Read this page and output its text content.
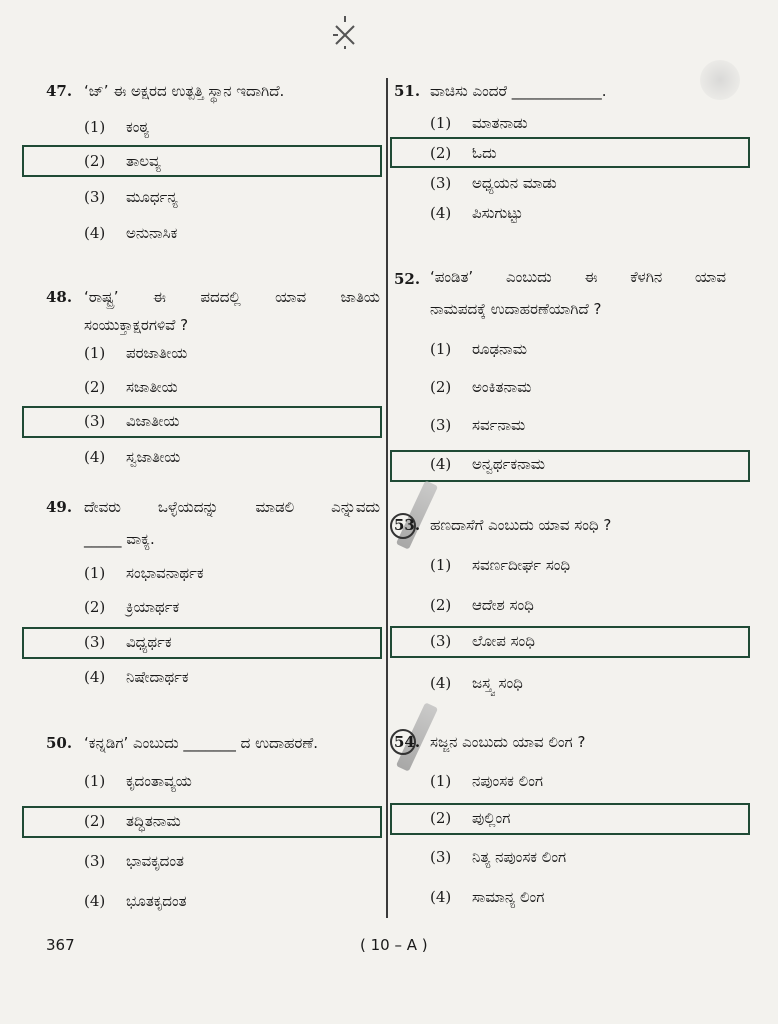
47. ‘ಜ್’ ಈ ಅಕ್ಷರದ ಉತ್ಪತ್ತಿ ಸ್ಥಾನ ಇದಾಗಿದೆ.
(1) ಕಂಠ್ಯ
(2) ತಾಲವ್ಯ
(3) ಮೂರ್ಧನ್ಯ
(4) ಅನುನಾಸಿಕ
48. ‘ರಾಷ್ಟ್ರ’ ಈ ಪದದಲ್ಲಿ ಯಾವ ಜಾತಿಯ
ಸಂಯುಕ್ತಾಕ್ಷರಗಳಿವೆ ?
(1) ಪರಜಾತೀಯ
(2) ಸಜಾತೀಯ
(3) ವಿಜಾತೀಯ
(4) ಸ್ವಜಾತೀಯ
49. ದೇವರು ಒಳ್ಳೆಯದನ್ನು ಮಾಡಲಿ ಎನ್ನುವದು
_____ ವಾಕ್ಯ.
(1) ಸಂಭಾವನಾರ್ಥಕ
(2) ಕ್ರಿಯಾರ್ಥಕ
(3) ವಿಧ್ಯರ್ಥಕ
(4) ನಿಷೇದಾರ್ಥಕ
50. ‘ಕನ್ನಡಿಗ’ ಎಂಬುದು _______ ದ ಉದಾಹರಣೆ.
(1) ಕೃದಂತಾವ್ಯಯ
(2) ತದ್ಧಿತನಾಮ
(3) ಭಾವಕೃದಂತ
(4) ಭೂತಕೃದಂತ
51. ವಾಚಿಸು ಎಂದರೆ ____________.
(1) ಮಾತನಾಡು
(2) ಓದು
(3) ಅಧ್ಯಯನ ಮಾಡು
(4) ಪಿಸುಗುಟ್ಟು
52. ‘ಪಂಡಿತ’ ಎಂಬುದು ಈ ಕೆಳಗಿನ ಯಾವ
ನಾಮಪದಕ್ಕೆ ಉದಾಹರಣೆಯಾಗಿದೆ ?
(1) ರೂಢನಾಮ
(2) ಅಂಕಿತನಾಮ
(3) ಸರ್ವನಾಮ
(4) ಅನ್ವರ್ಥಕನಾಮ
53. ಹಣದಾಸೆಗೆ ಎಂಬುದು ಯಾವ ಸಂಧಿ ?
(1) ಸವರ್ಣದೀರ್ಘ ಸಂಧಿ
(2) ಆದೇಶ ಸಂಧಿ
(3) ಲೋಪ ಸಂಧಿ
(4) ಜಸ್ತ್ವ ಸಂಧಿ
54. ಸಜ್ಜನ ಎಂಬುದು ಯಾವ ಲಿಂಗ ?
(1) ನಪುಂಸಕ ಲಿಂಗ
(2) ಪುಲ್ಲಿಂಗ
(3) ನಿತ್ಯ ನಪುಂಸಕ ಲಿಂಗ
(4) ಸಾಮಾನ್ಯ ಲಿಂಗ
367	( 10 – A )
